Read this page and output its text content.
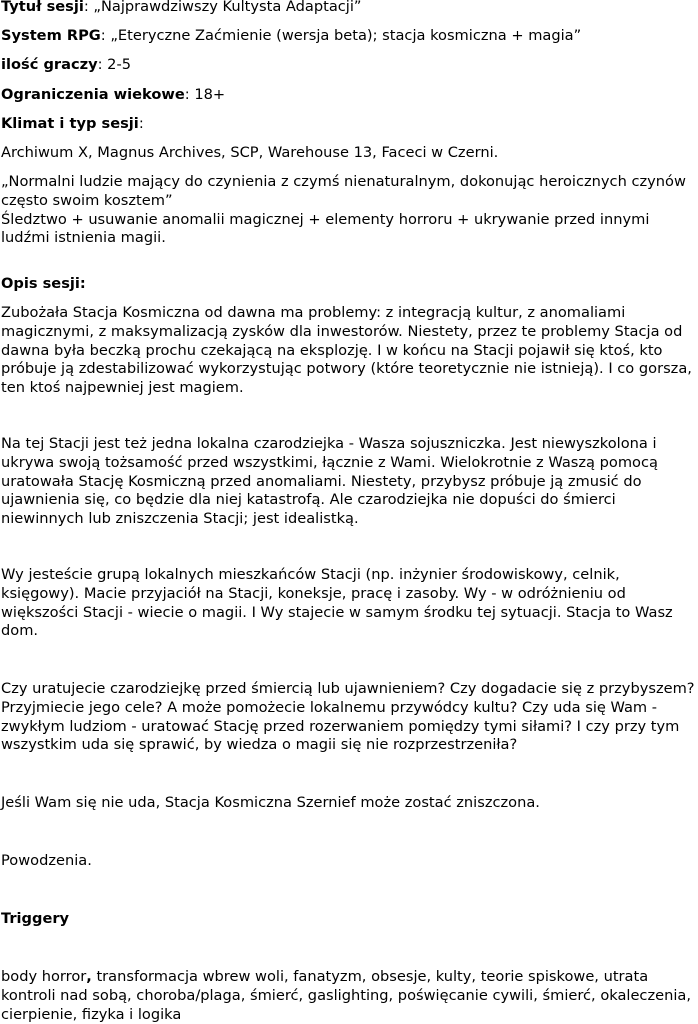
Tytuł sesji: „Najprawdziwszy Kultysta Adaptacji”

System RPG: „Eteryczne Zaćmienie (wersja beta); stacja kosmiczna + magia”

ilość graczy: 2-5

Ograniczenia wiekowe: 18+

Klimat i typ sesji:

Archiwum X, Magnus Archives, SCP, Warehouse 13, Faceci w Czerni.

„Normalni ludzie mający do czynienia z czymś nienaturalnym, dokonując heroicznych czynów
często swoim kosztem”
Śledztwo + usuwanie anomalii magicznej + elementy horroru + ukrywanie przed innymi
ludźmi istnienia magii.

Opis sesji:

Zubożała Stacja Kosmiczna od dawna ma problemy: z integracją kultur, z anomaliami
magicznymi, z maksymalizacją zysków dla inwestorów. Niestety, przez te problemy Stacja od
dawna była beczką prochu czekającą na eksplozję. I w końcu na Stacji pojawił się ktoś, kto
próbuje ją zdestabilizować wykorzystując potwory (które teoretycznie nie istnieją). I co gorsza,
ten ktoś najpewniej jest magiem.
Na tej Stacji jest też jedna lokalna czarodziejka - Wasza sojuszniczka. Jest niewyszkolona i
ukrywa swoją tożsamość przed wszystkimi, łącznie z Wami. Wielokrotnie z Waszą pomocą
uratowała Stację Kosmiczną przed anomaliami. Niestety, przybysz próbuje ją zmusić do
ujawnienia się, co będzie dla niej katastrofą. Ale czarodziejka nie dopuści do śmierci
niewinnych lub zniszczenia Stacji; jest idealistką.
Wy jesteście grupą lokalnych mieszkańców Stacji (np. inżynier środowiskowy, celnik,
księgowy). Macie przyjaciół na Stacji, koneksje, pracę i zasoby. Wy - w odróżnieniu od
większości Stacji - wiecie o magii. I Wy stajecie w samym środku tej sytuacji. Stacja to Wasz
dom.
Czy uratujecie czarodziejkę przed śmiercią lub ujawnieniem? Czy dogadacie się z przybyszem?
Przyjmiecie jego cele? A może pomożecie lokalnemu przywódcy kultu? Czy uda się Wam -
zwykłym ludziom - uratować Stację przed rozerwaniem pomiędzy tymi siłami? I czy przy tym
wszystkim uda się sprawić, by wiedza o magii się nie rozprzestrzeniła?

Jeśli Wam się nie uda, Stacja Kosmiczna Szernief może zostać zniszczona.

Powodzenia.

Triggery

body horror, transformacja wbrew woli, fanatyzm, obsesje, kulty, teorie spiskowe, utrata
kontroli nad sobą, choroba/plaga, śmierć, gaslighting, poświęcanie cywili, śmierć, okaleczenia,
cierpienie, fizyka i logika
